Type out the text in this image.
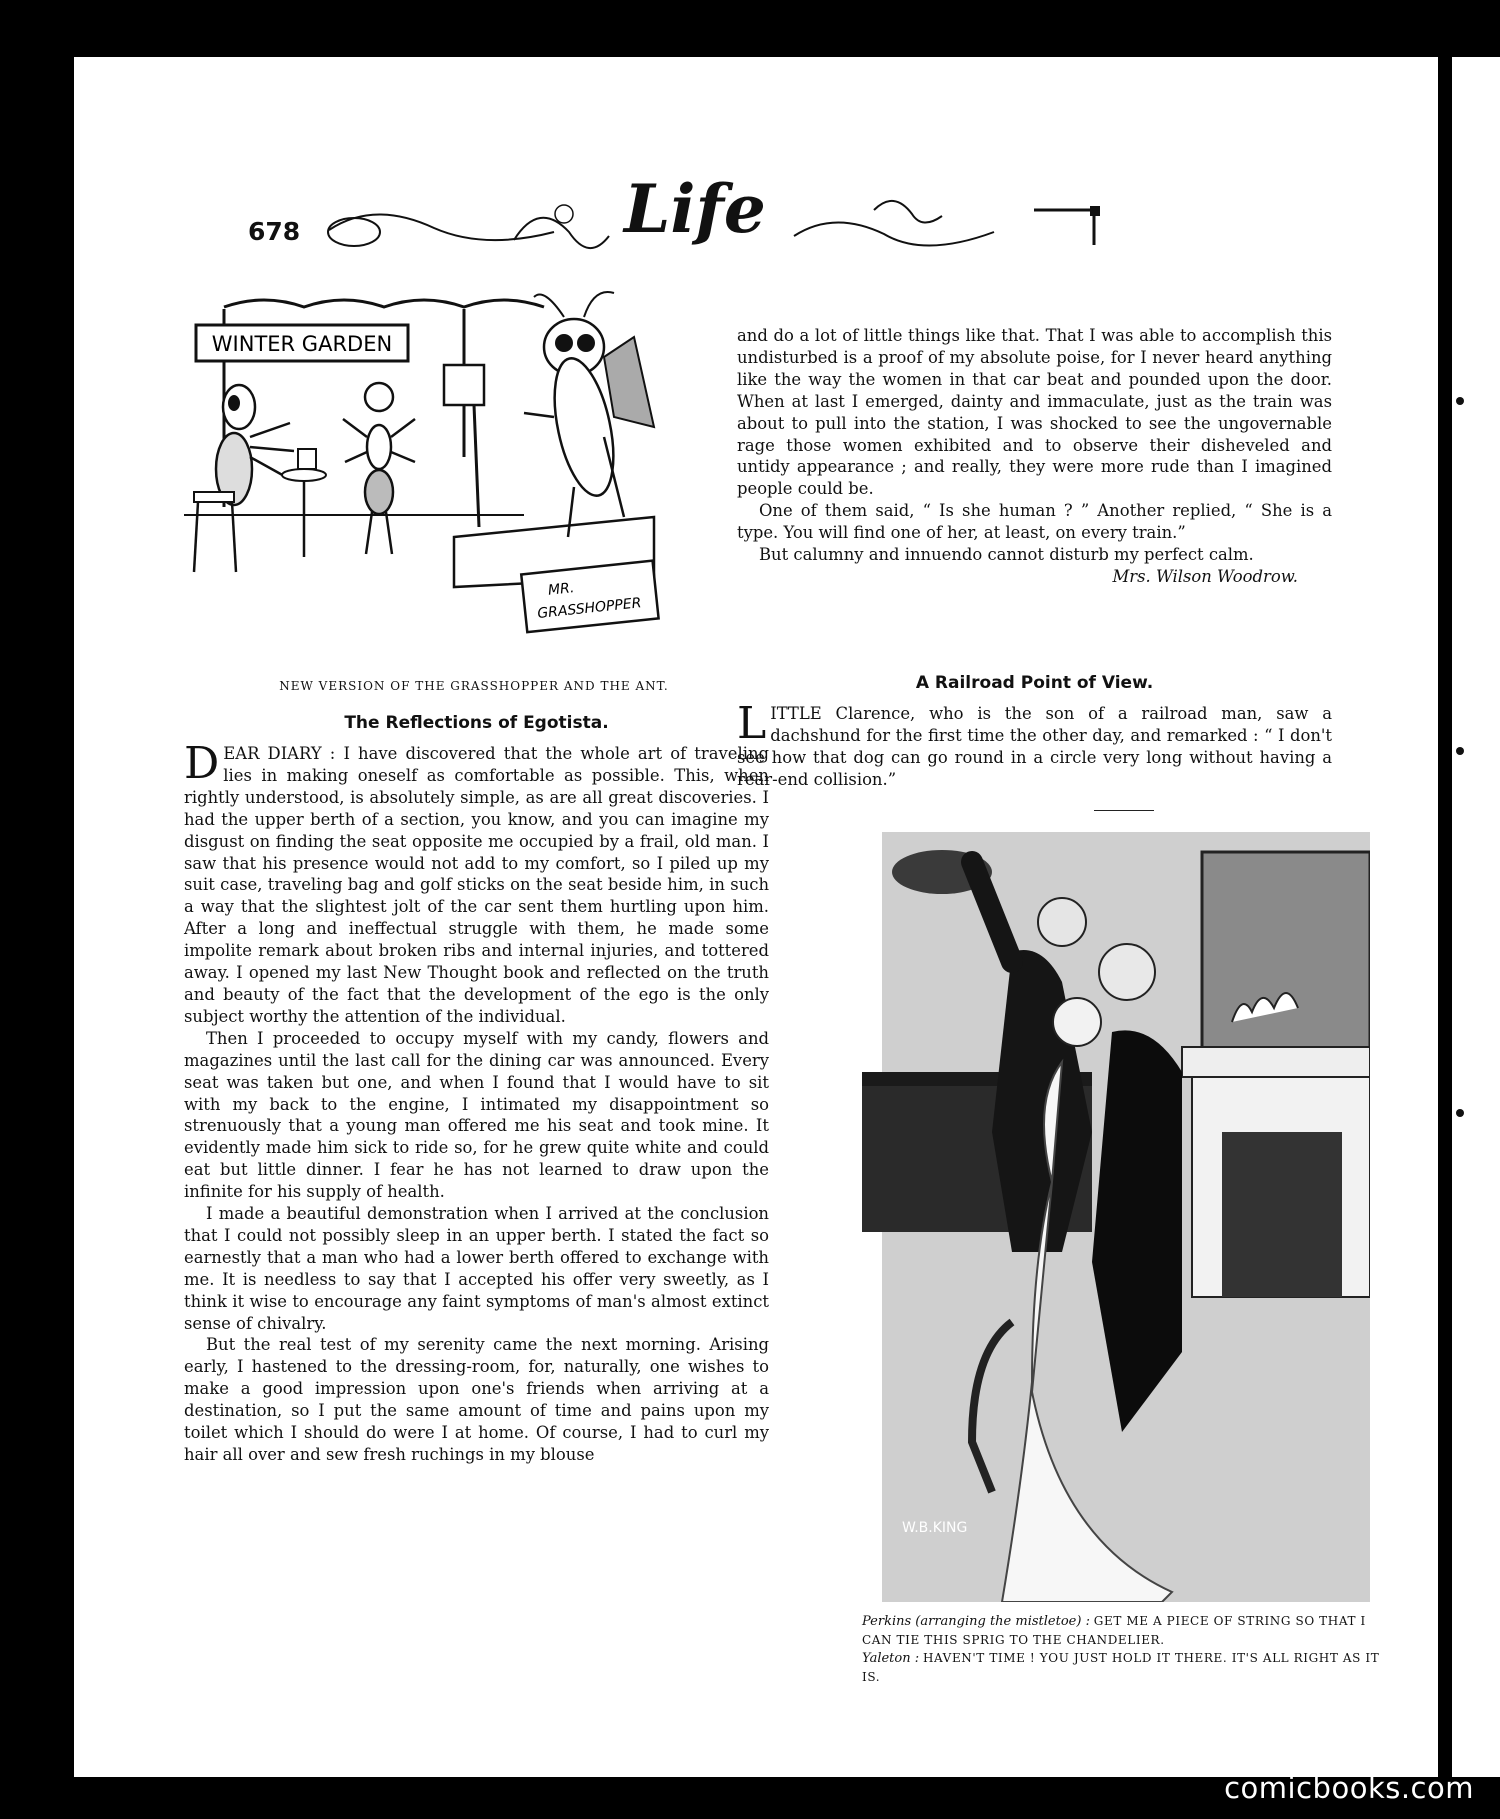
678	Life
WINTER GARDEN
MR.
GRASSHOPPER
NEW VERSION OF THE GRASSHOPPER AND THE ANT.
The Reflections of Egotista.

DEAR DIARY : I have discovered that the whole art of traveling lies in making oneself as comfortable as possible. This, when rightly understood, is absolutely simple, as are all great discoveries. I had the upper berth of a section, you know, and you can imagine my disgust on finding the seat opposite me occupied by a frail, old man. I saw that his presence would not add to my comfort, so I piled up my suit case, traveling bag and golf sticks on the seat beside him, in such a way that the slightest jolt of the car sent them hurtling upon him. After a long and ineffectual struggle with them, he made some impolite remark about broken ribs and internal injuries, and tottered away. I opened my last New Thought book and reflected on the truth and beauty of the fact that the development of the ego is the only subject worthy the attention of the individual.

Then I proceeded to occupy myself with my candy, flowers and magazines until the last call for the dining car was announced. Every seat was taken but one, and when I found that I would have to sit with my back to the engine, I intimated my disappointment so strenuously that a young man offered me his seat and took mine. It evidently made him sick to ride so, for he grew quite white and could eat but little dinner. I fear he has not learned to draw upon the infinite for his supply of health.

I made a beautiful demonstration when I arrived at the conclusion that I could not possibly sleep in an upper berth. I stated the fact so earnestly that a man who had a lower berth offered to exchange with me. It is needless to say that I accepted his offer very sweetly, as I think it wise to encourage any faint symptoms of man's almost extinct sense of chivalry.

But the real test of my serenity came the next morning. Arising early, I hastened to the dressing-room, for, naturally, one wishes to make a good impression upon one's friends when arriving at a destination, so I put the same amount of time and pains upon my toilet which I should do were I at home. Of course, I had to curl my hair all over and sew fresh ruchings in my blouse

and do a lot of little things like that. That I was able to accomplish this undisturbed is a proof of my absolute poise, for I never heard anything like the way the women in that car beat and pounded upon the door. When at last I emerged, dainty and immaculate, just as the train was about to pull into the station, I was shocked to see the ungovernable rage those women exhibited and to observe their disheveled and untidy appearance ; and really, they were more rude than I imagined people could be.

One of them said, “ Is she human ? ” Another replied, “ She is a type. You will find one of her, at least, on every train.”

But calumny and innuendo cannot disturb my perfect calm.

Mrs. Wilson Woodrow.
A Railroad Point of View.

LITTLE Clarence, who is the son of a railroad man, saw a dachshund for the first time the other day, and remarked : “ I don't see how that dog can go round in a circle very long without having a rear-end collision.”

W.B.KING
Perkins (arranging the mistletoe) : GET ME A PIECE OF STRING SO THAT I CAN TIE THIS SPRIG TO THE CHANDELIER.
Yaleton : HAVEN'T TIME ! YOU JUST HOLD IT THERE. IT'S ALL RIGHT AS IT IS.
comicbooks.com
